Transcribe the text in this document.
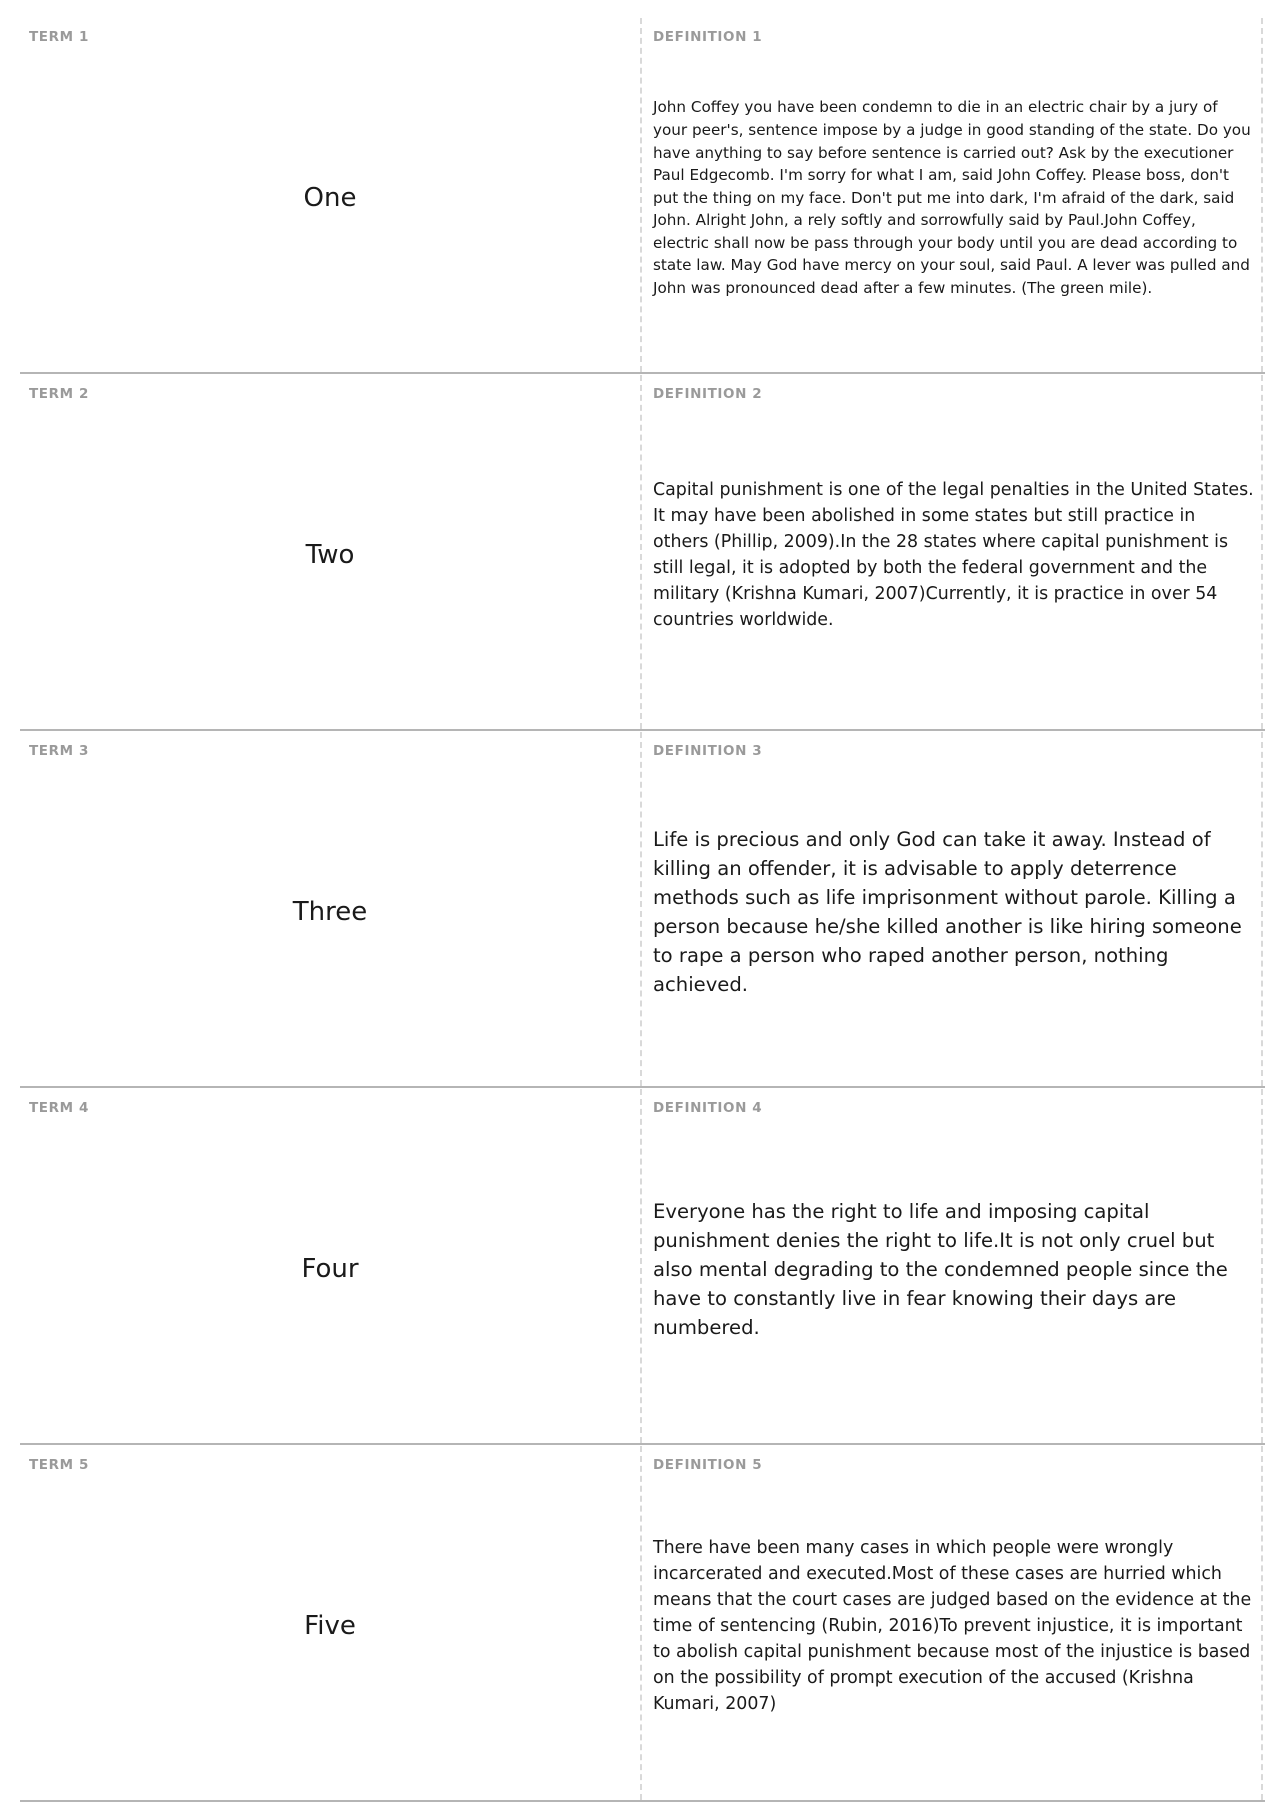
TERM 1
One
DEFINITION 1

John Coffey you have been condemn to die in an electric chair by a jury of your peer's, sentence impose by a judge in good standing of the state. Do you have anything to say before sentence is carried out? Ask by the executioner Paul Edgecomb. I'm sorry for what I am, said John Coffey. Please boss, don't put the thing on my face. Don't put me into dark, I'm afraid of the dark, said John. Alright John, a rely softly and sorrowfully said by Paul.John Coffey, electric shall now be pass through your body until you are dead according to state law. May God have mercy on your soul, said Paul. A lever was pulled and John was pronounced dead after a few minutes. (The green mile).

TERM 2
Two
DEFINITION 2

Capital punishment is one of the legal penalties in the United States. It may have been abolished in some states but still practice in others (Phillip, 2009).In the 28 states where capital punishment is still legal, it is adopted by both the federal government and the military (Krishna Kumari, 2007)Currently, it is practice in over 54 countries worldwide.

TERM 3
Three
DEFINITION 3

Life is precious and only God can take it away. Instead of killing an offender, it is advisable to apply deterrence methods such as life imprisonment without parole. Killing a person because he/she killed another is like hiring someone to rape a person who raped another person, nothing achieved.

TERM 4
Four
DEFINITION 4

Everyone has the right to life and imposing capital punishment denies the right to life.It is not only cruel but also mental degrading to the condemned people since the have to constantly live in fear knowing their days are numbered.

TERM 5
Five
DEFINITION 5

There have been many cases in which people were wrongly incarcerated and executed.Most of these cases are hurried which means that the court cases are judged based on the evidence at the time of sentencing (Rubin, 2016)To prevent injustice, it is important to abolish capital punishment because most of the injustice is based on the possibility of prompt execution of the accused (Krishna Kumari, 2007)
